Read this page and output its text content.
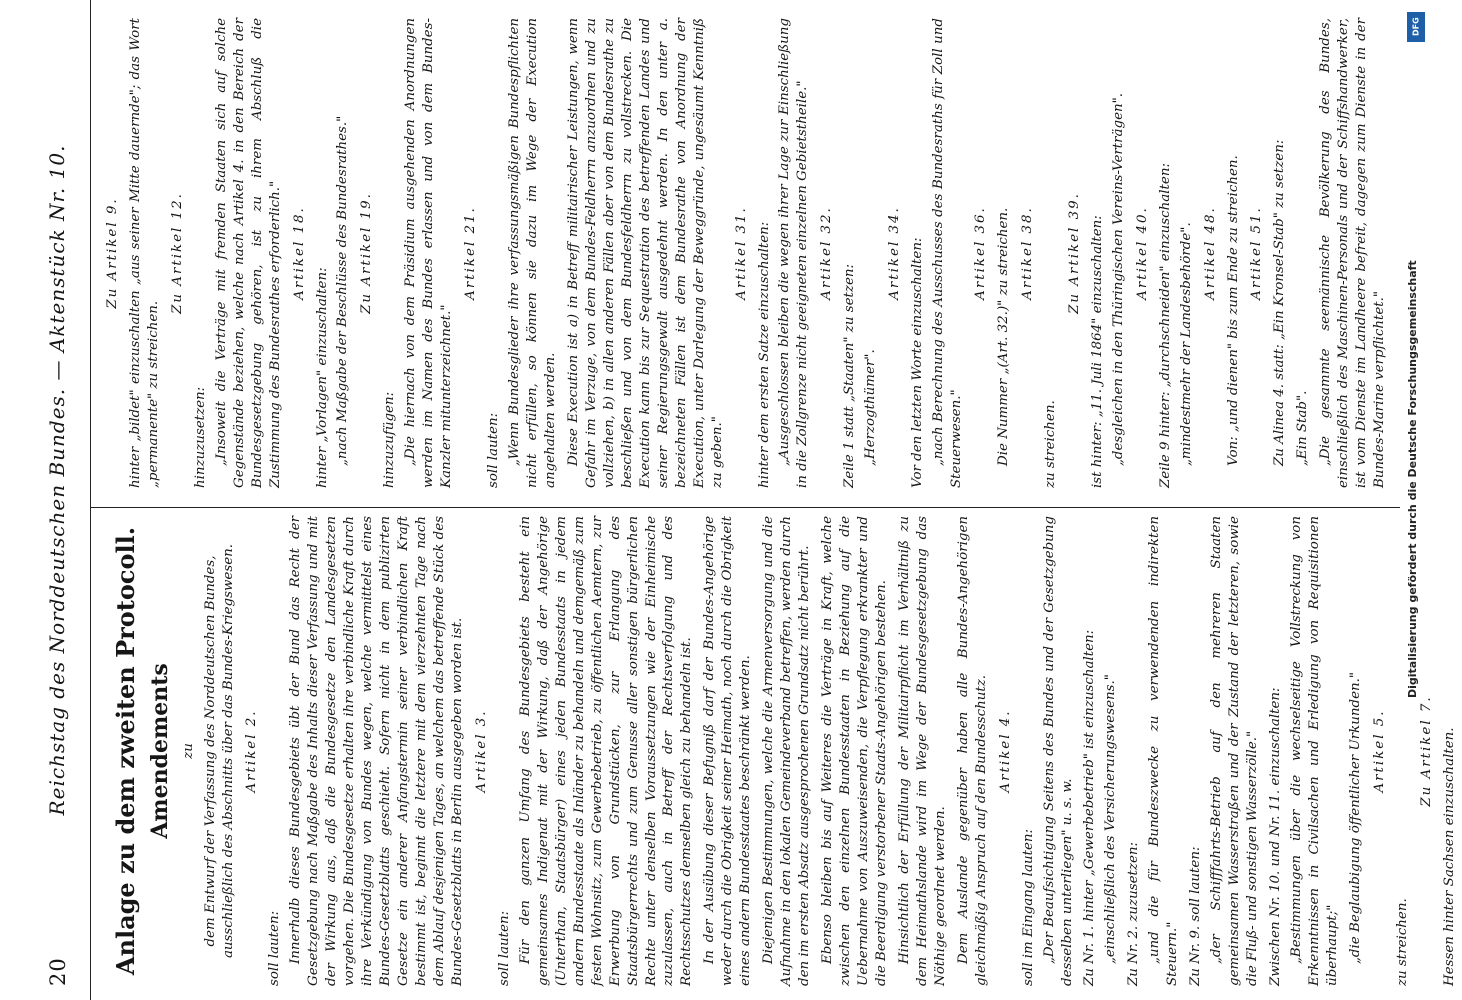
20
Reichstag des Norddeutschen Bundes. — Aktenstück Nr. 10. Anlage zu dem zweiten Protocoll. Amendements zu dem Entwurf der Verfassung des Norddeutschen Bundes, ausschließlich des Abschnitts über das Bundes-Kriegswesen. Artikel 2.
soll lauten: Innerhalb dieses Bundesgebiets übt der Bund das Recht der Gesetzgebung nach Maßgabe des Inhalts dieser Verfassung und mit der Wirkung aus, daß die Bundesgesetze den Landesgesetzen vorgehen. Die Bundesgesetze erhalten ihre verbindliche Kraft durch ihre Verkündigung von Bundes wegen, welche vermittelst eines Bundes-Gesetzblatts geschieht. Sofern nicht in dem publizirten Gesetze ein anderer Anfangstermin seiner verbindlichen Kraft bestimmt ist, beginnt die letztere mit dem vierzehnten Tage nach dem Ablauf desjenigen Tages, an welchem das betreffende Stück des Bundes-Gesetzblatts in Berlin ausgegeben worden ist. Artikel 3.
soll lauten: Für den ganzen Umfang des Bundesgebiets besteht ein gemeinsames Indigenat mit der Wirkung, daß der Angehörige (Unterthan, Staatsbürger) eines jeden Bundesstaats in jedem andern Bundesstaate als Inländer zu behandeln und demgemäß zum festen Wohnsitz, zum Gewerbebetrieb, zu öffentlichen Aemtern, zur Erwerbung von Grundstücken, zur Erlangung des Staatsbürgerrechts und zum Genusse aller sonstigen bürgerlichen Rechte unter denselben Voraussetzungen wie der Einheimische zuzulassen, auch in Betreff der Rechtsverfolgung und des Rechtsschutzes demselben gleich zu behandeln ist. In der Ausübung dieser Befugniß darf der Bundes-Angehörige weder durch die Obrigkeit seiner Heimath, noch durch die Obrigkeit eines andern Bundesstaates beschränkt werden. Diejenigen Bestimmungen, welche die Armenversorgung und die Aufnahme in den lokalen Gemeindeverband betreffen, werden durch den im ersten Absatz ausgesprochenen Grundsatz nicht berührt. Ebenso bleiben bis auf Weiteres die Verträge in Kraft, welche zwischen den einzelnen Bundesstaaten in Beziehung auf die Uebernahme von Auszuweisenden, die Verpflegung erkrankter und die Beerdigung verstorbener Staats-Angehörigen bestehen. Hinsichtlich der Erfüllung der Militairpflicht im Verhältniß zu dem Heimathslande wird im Wege der Bundesgesetzgebung das Nöthige geordnet werden. Dem Auslande gegenüber haben alle Bundes-Angehörigen gleichmäßig Anspruch auf den Bundesschutz. Artikel 4.
soll im Eingang lauten: „Der Beaufsichtigung Seitens des Bundes und der Gesetzgebung desselben unterliegen" u. s. w. Zu Nr. 1. hinter „Gewerbebetrieb" ist einzuschalten: „einschließlich des Versicherungswesens." Zu Nr. 2. zuzusetzen: „und die für Bundeszwecke zu verwendenden indirekten Steuern." Zu Nr. 9. soll lauten: „der Schifffahrts-Betrieb auf den mehreren Staaten gemeinsamen Wasserstraßen und der Zustand der letzteren, sowie die Fluß- und sonstigen Wasserzölle." Zwischen Nr. 10. und Nr. 11. einzuschalten: „Bestimmungen über die wechselseitige Vollstreckung von Erkenntnissen in Civilsachen und Erledigung von Requisitionen überhaupt;" „die Beglaubigung öffentlicher Urkunden." Artikel 5.
zu streichen.
Zu Artikel 7. Hessen hinter Sachsen einzuschalten.
Zu Artikel 9. hinter „bildet" einzuschalten „aus seiner Mitte dauernde"; das Wort „permanente" zu streichen.

Zu Artikel 12.
hinzuzusetzen: „Insoweit die Verträge mit fremden Staaten sich auf solche Gegenstände beziehen, welche nach Artikel 4. in den Bereich der Bundesgesetzgebung gehören, ist zu ihrem Abschluß die Zustimmung des Bundesrathes erforderlich." Artikel 18.
hinter „Vorlagen" einzuschalten: „nach Maßgabe der Beschlüsse des Bundesrathes." Zu Artikel 19.
hinzuzufügen: „Die hiernach von dem Präsidium ausgehenden Anordnungen werden im Namen des Bundes erlassen und von dem Bundes-Kanzler mitunterzeichnet."

Artikel 21.
soll lauten: „Wenn Bundesglieder ihre verfassungsmäßigen Bundespflichten nicht erfüllen, so können sie dazu im Wege der Execution angehalten werden. Diese Execution ist a) in Betreff militairischer Leistungen, wenn Gefahr im Verzuge, von dem Bundes-Feldherrn anzuordnen und zu vollziehen, b) in allen anderen Fällen aber von dem Bundesrathe zu beschließen und von dem Bundesfeldherrn zu vollstrecken. Die Execution kann bis zur Sequestration des betreffenden Landes und seiner Regierungsgewalt ausgedehnt werden. In den unter a. bezeichneten Fällen ist dem Bundesrathe von Anordnung der Execution, unter Darlegung der Beweggründe, ungesäumt Kenntniß zu geben."

Artikel 31. hinter dem ersten Satze einzuschalten: „Ausgeschlossen bleiben die wegen ihrer Lage zur Einschließung in die Zollgrenze nicht geeigneten einzelnen Gebietstheile." Artikel 32.
Zeile 1 statt „Staaten" zu setzen: „Herzogthümer".

Artikel 34. Vor den letzten Worte einzuschalten: „nach Berechnung des Ausschusses des Bundesraths für Zoll und Steuerwesen."

Artikel 36. Die Nummer „(Art. 32.)" zu streichen. Artikel 38.
zu streichen.
Zu Artikel 39. ist hinter: „11. Juli 1864" einzuschalten: „desgleichen in den Thüringischen Vereins-Verträgen". Artikel 40. Zeile 9 hinter: „durchschneiden" einzuschalten: „mindestmehr der Landesbehörde". Artikel 48. Von: „und dienen" bis zum Ende zu streichen. Artikel 51. Zu Alinea 4. statt: „Ein Kronsel-Stab" zu setzen: „Ein Stab". „Die gesammte seemännische Bevölkerung des Bundes, einschließlich des Maschinen-Personals und der Schiffshandwerker, ist vom Dienste im Landheere befreit, dagegen zum Dienste in der Bundes-Marine verpflichtet."

DFG
Digitalisierung gefördert durch die Deutsche Forschungsgemeinschaft
